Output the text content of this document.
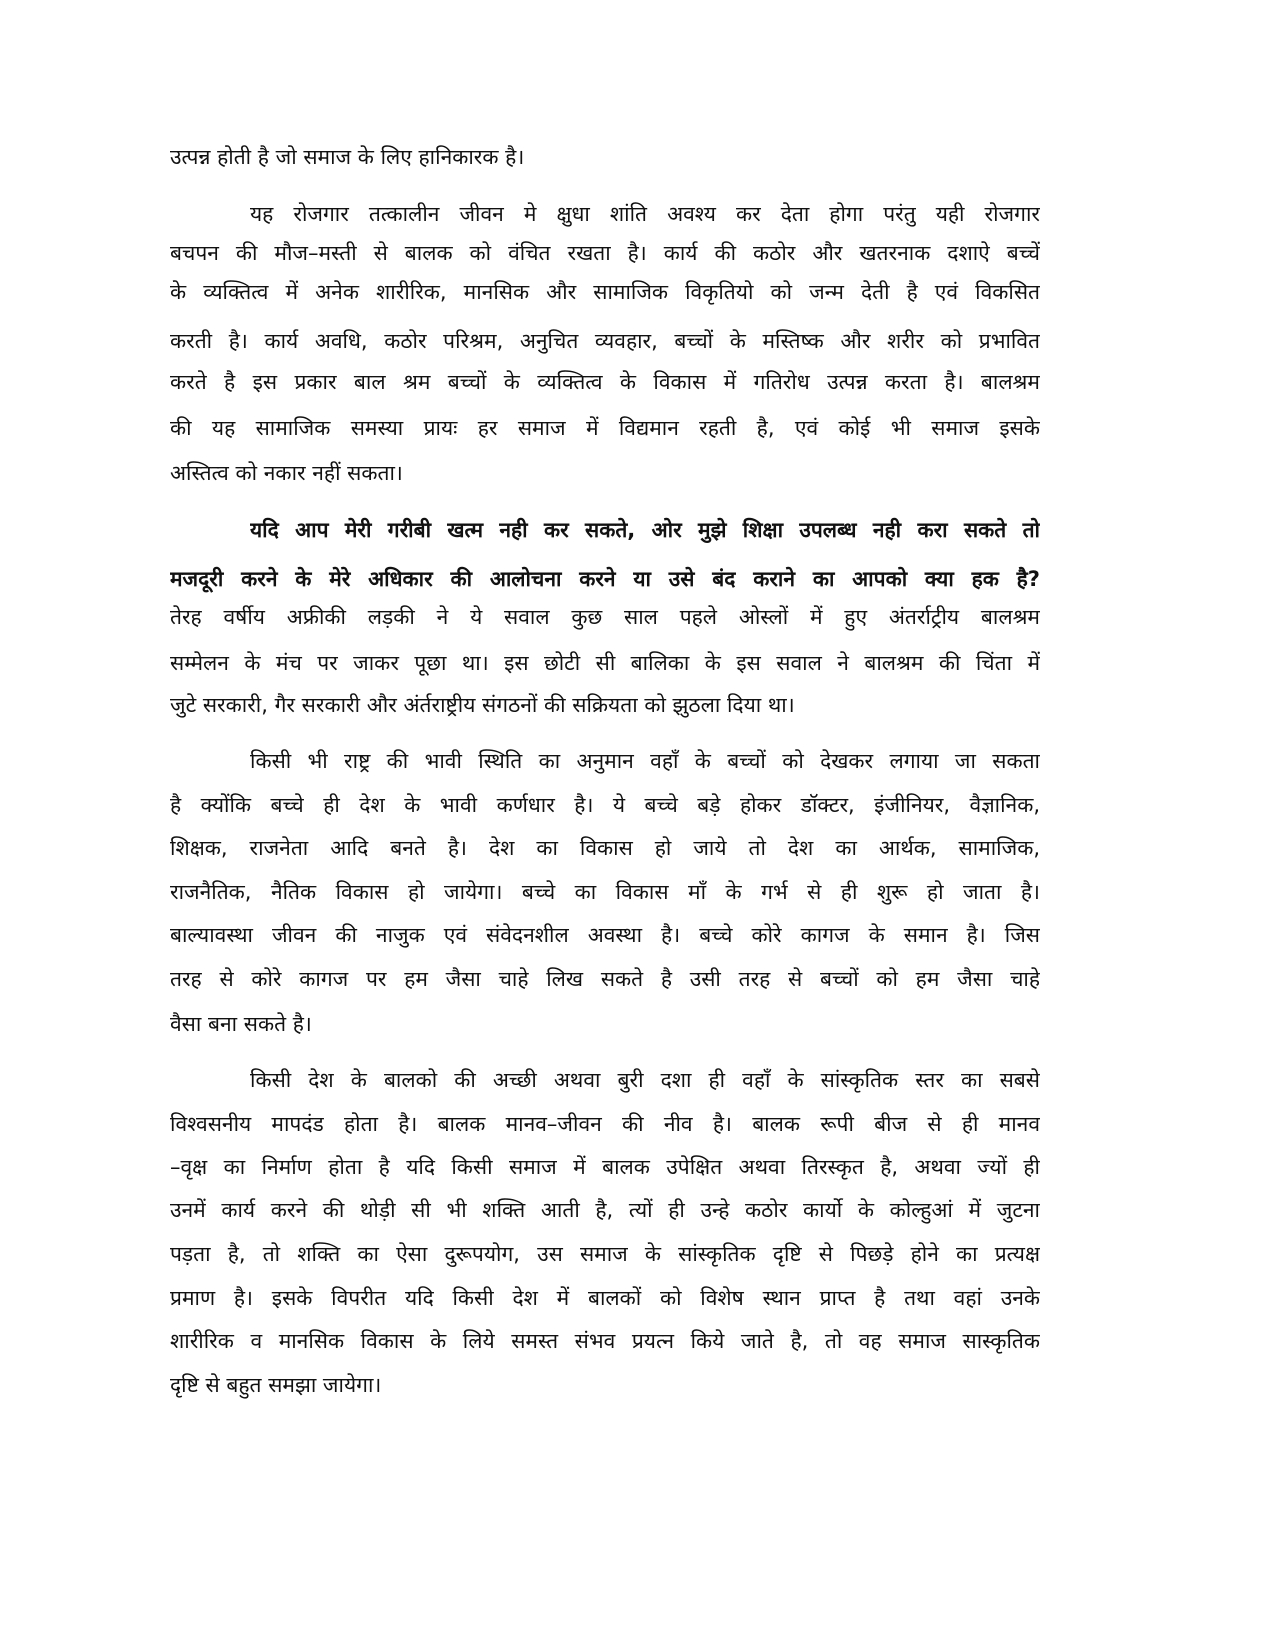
उत्पन्न होती है जो समाज के लिए हानिकारक है।
यह रोजगार तत्कालीन जीवन मे क्षुधा शांति अवश्य कर देता होगा परंतु यही रोजगार
बचपन की मौज–मस्ती से बालक को वंचित रखता है। कार्य की कठोर और खतरनाक दशाऐ बच्चें
के व्यक्तित्व में अनेक शारीरिक, मानसिक और सामाजिक विकृतियो को जन्म देती है एवं विकसित
करती है। कार्य अवधि, कठोर परिश्रम, अनुचित व्यवहार, बच्चों के मस्तिष्क और शरीर को प्रभावित
करते है इस प्रकार बाल श्रम बच्चों के व्यक्तित्व के विकास में गतिरोध उत्पन्न करता है। बालश्रम
की यह सामाजिक समस्या प्रायः हर समाज में विद्यमान रहती है, एवं कोई भी समाज इसके
अस्तित्व को नकार नहीं सकता।
यदि आप मेरी गरीबी खत्म नही कर सकते, ओर मुझे शिक्षा उपलब्ध नही करा सकते तो
मजदूरी करने के मेरे अधिकार की आलोचना करने या उसे बंद कराने का आपको क्या हक है?
तेरह वर्षीय अफ्रीकी लड़की ने ये सवाल कुछ साल पहले ओस्लों में हुए अंतर्राट्रीय बालश्रम
सम्मेलन के मंच पर जाकर पूछा था। इस छोटी सी बालिका के इस सवाल ने बालश्रम की चिंता में
जुटे सरकारी, गैर सरकारी और अंर्तराष्ट्रीय संगठनों की सक्रियता को झुठला दिया था।
किसी भी राष्ट्र की भावी स्थिति का अनुमान वहाँ के बच्चों को देखकर लगाया जा सकता
है क्योंकि बच्चे ही देश के भावी कर्णधार है। ये बच्चे बड़े होकर डॉक्टर, इंजीनियर, वैज्ञानिक,
शिक्षक, राजनेता आदि बनते है। देश का विकास हो जाये तो देश का आर्थक, सामाजिक,
राजनैतिक, नैतिक विकास हो जायेगा। बच्चे का विकास माँ के गर्भ से ही शुरू हो जाता है।
बाल्यावस्था जीवन की नाजुक एवं संवेदनशील अवस्था है। बच्चे कोरे कागज के समान है। जिस
तरह से कोरे कागज पर हम जैसा चाहे लिख सकते है उसी तरह से बच्चों को हम जैसा चाहे
वैसा बना सकते है।
किसी देश के बालको की अच्छी अथवा बुरी दशा ही वहाँ के सांस्कृतिक स्तर का सबसे
विश्वसनीय मापदंड होता है। बालक मानव–जीवन की नीव है। बालक रूपी बीज से ही मानव
–वृक्ष का निर्माण होता है यदि किसी समाज में बालक उपेक्षित अथवा तिरस्कृत है, अथवा ज्यों ही
उनमें कार्य करने की थोड़ी सी भी शक्ति आती है, त्यों ही उन्हे कठोर कार्यो के कोल्हुआं में जुटना
पड़ता है, तो शक्ति का ऐसा दुरूपयोग, उस समाज के सांस्कृतिक दृष्टि से पिछड़े होने का प्रत्यक्ष
प्रमाण है। इसके विपरीत यदि किसी देश में बालकों को विशेष स्थान प्राप्त है तथा वहां उनके
शारीरिक व मानसिक विकास के लिये समस्त संभव प्रयत्न किये जाते है, तो वह समाज सास्कृतिक
दृष्टि से बहुत समझा जायेगा।
